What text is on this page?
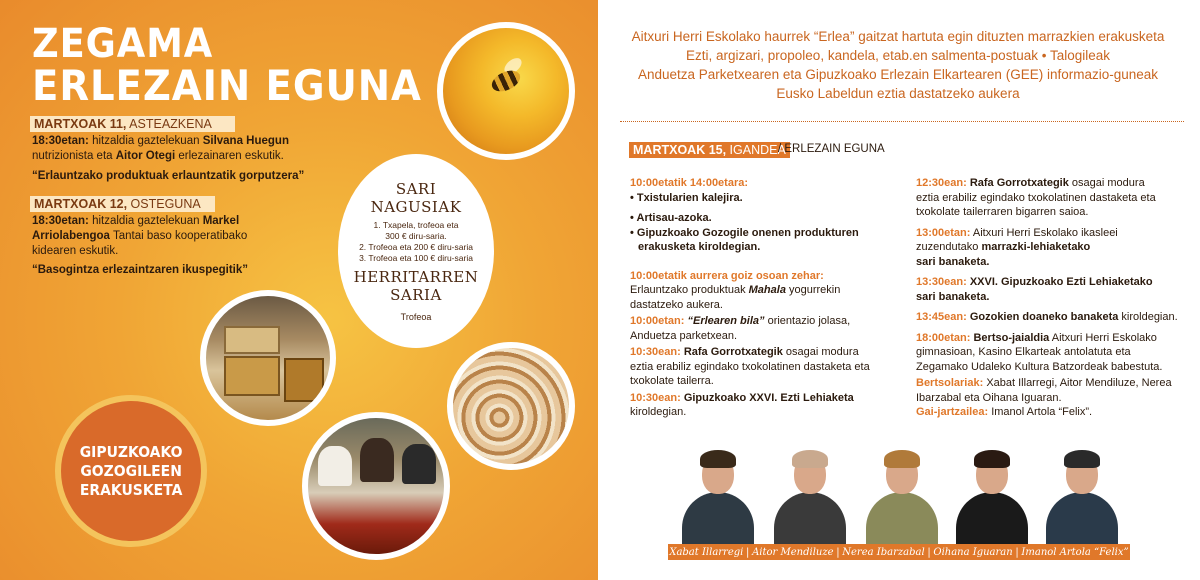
ZEGAMA
ERLEZAIN EGUNA
MARTXOAK 11, ASTEAZKENA
18:30etan: hitzaldia gaztelekuan Silvana Huegun
nutrizionista eta Aitor Otegi erlezainaren eskutik.
“Erlauntzako produktuak erlauntzatik gorputzera”
MARTXOAK 12, OSTEGUNA
18:30etan: hitzaldia gaztelekuan Markel
Arriolabengoa Tantai baso kooperatibako
kidearen eskutik.
“Basogintza erlezaintzaren ikuspegitik”
SARI
NAGUSIAK
1. Txapela, trofeoa eta
300 € diru-saria.
2. Trofeoa eta 200 € diru-saria
3. Trofeoa eta 100 € diru-saria
HERRITARREN
SARIA
Trofeoa
GIPUZKOAKO
GOZOGILEEN
ERAKUSKETA
Aitxuri Herri Eskolako haurrek “Erlea” gaitzat hartuta egin dituzten marrazkien erakusketa
Ezti, argizari, propoleo, kandela, etab.en salmenta-postuak • Talogileak
Anduetza Parketxearen eta Gipuzkoako Erlezain Elkartearen (GEE) informazio-guneak
Eusko Labeldun eztia dastatzeko aukera
MARTXOAK 15, IGANDEA
/ ERLEZAIN EGUNA
10:00etatik 14:00etara:
• Txistularien kalejira.
• Artisau-azoka.
• Gipuzkoako Gozogile onenen produkturen
erakusketa kiroldegian.
10:00etatik aurrera goiz osoan zehar:
Erlauntzako produktuak Mahala yogurrekin
dastatzeko aukera.
10:00etan: “Erlearen bila” orientazio jolasa,
Anduetza parketxean.
10:30ean: Rafa Gorrotxategik osagai modura
eztia erabiliz egindako txokolatinen dastaketa eta
txokolate tailerra.
10:30ean: Gipuzkoako XXVI. Ezti Lehiaketa
kiroldegian.
12:30ean: Rafa Gorrotxategik osagai modura
eztia erabiliz egindako txokolatinen dastaketa eta
txokolate tailerraren bigarren saioa.
13:00etan: Aitxuri Herri Eskolako ikasleei
zuzendutako marrazki-lehiaketako
sari banaketa.
13:30ean: XXVI. Gipuzkoako Ezti Lehiaketako
sari banaketa.
13:45ean: Gozokien doaneko banaketa kiroldegian.
18:00etan: Bertso-jaialdia Aitxuri Herri Eskolako
gimnasioan, Kasino Elkarteak antolatuta eta
Zegamako Udaleko Kultura Batzordeak babestuta.
Bertsolariak: Xabat Illarregi, Aitor Mendiluze, Nerea
Ibarzabal eta Oihana Iguaran.
Gai-jartzailea: Imanol Artola “Felix”.
Xabat Illarregi | Aitor Mendiluze | Nerea Ibarzabal | Oihana Iguaran | Imanol Artola “Felix”
